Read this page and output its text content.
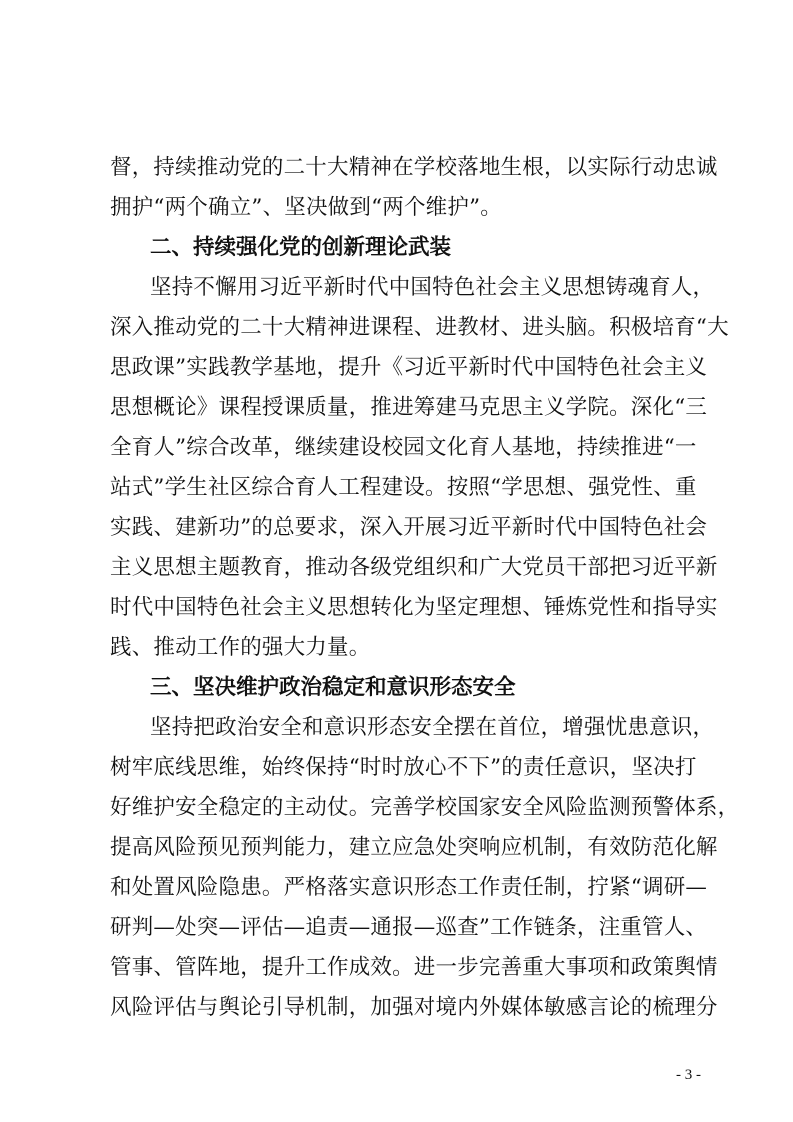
督，持续推动党的二十大精神在学校落地生根，以实际行动忠诚
拥护“两个确立”、坚决做到“两个维护”。
二、持续强化党的创新理论武装
坚持不懈用习近平新时代中国特色社会主义思想铸魂育人，
深入推动党的二十大精神进课程、进教材、进头脑。积极培育“大
思政课”实践教学基地，提升《习近平新时代中国特色社会主义
思想概论》课程授课质量，推进筹建马克思主义学院。深化“三
全育人”综合改革，继续建设校园文化育人基地，持续推进“一
站式”学生社区综合育人工程建设。按照“学思想、强党性、重
实践、建新功”的总要求，深入开展习近平新时代中国特色社会
主义思想主题教育，推动各级党组织和广大党员干部把习近平新
时代中国特色社会主义思想转化为坚定理想、锤炼党性和指导实
践、推动工作的强大力量。
三、坚决维护政治稳定和意识形态安全
坚持把政治安全和意识形态安全摆在首位，增强忧患意识，
树牢底线思维，始终保持“时时放心不下”的责任意识，坚决打
好维护安全稳定的主动仗。完善学校国家安全风险监测预警体系，
提高风险预见预判能力，建立应急处突响应机制，有效防范化解
和处置风险隐患。严格落实意识形态工作责任制，拧紧“调研—
研判—处突—评估—追责—通报—巡查”工作链条，注重管人、
管事、管阵地，提升工作成效。进一步完善重大事项和政策舆情
风险评估与舆论引导机制，加强对境内外媒体敏感言论的梳理分
- 3 -
